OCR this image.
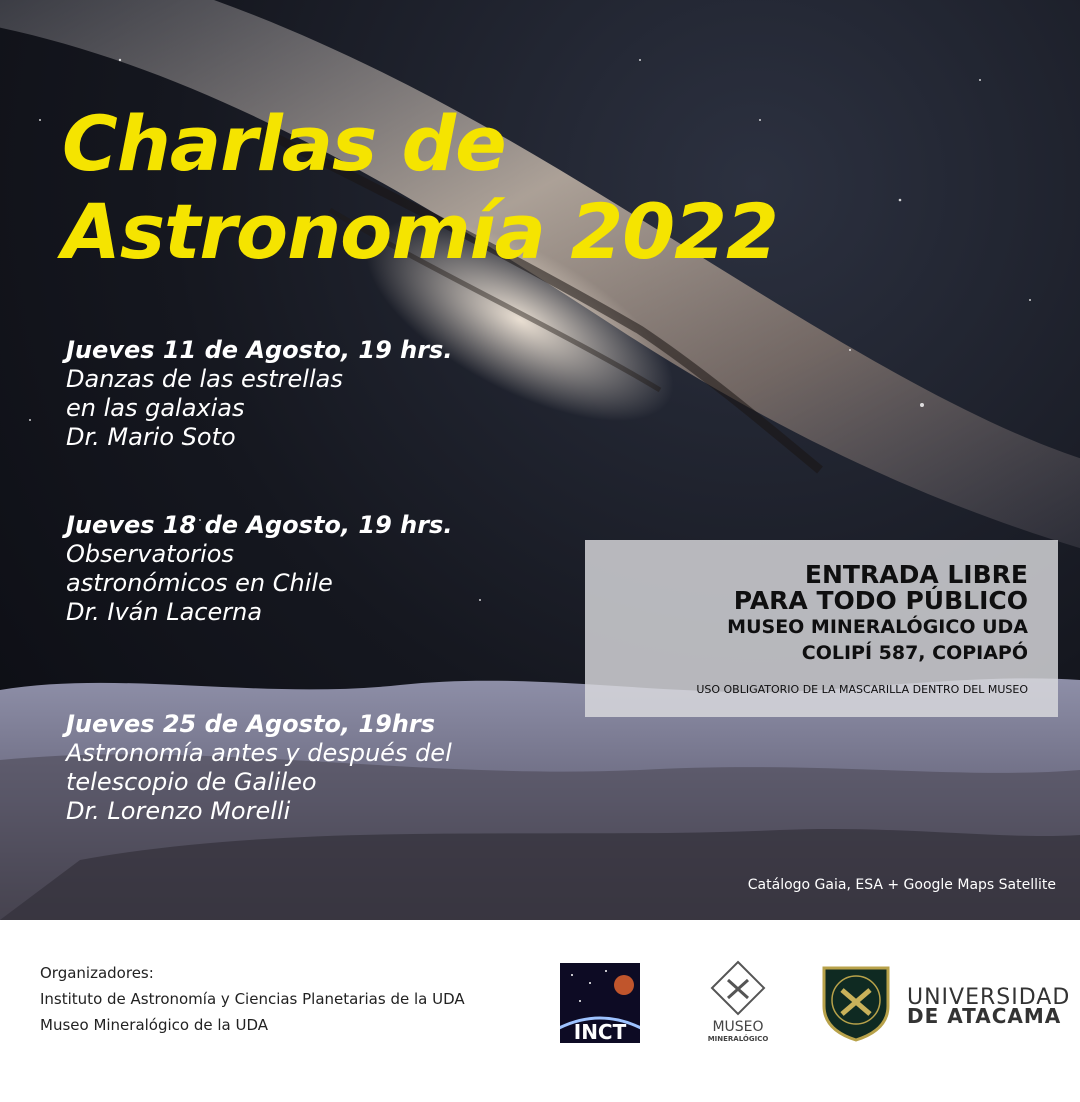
Charlas de
Astronomía 2022
Jueves 11 de Agosto, 19 hrs.
Danzas de las estrellas
en las galaxias
Dr. Mario Soto
Jueves 18 de Agosto, 19 hrs.
Observatorios
astronómicos en Chile
Dr. Iván Lacerna
Jueves 25 de Agosto, 19hrs
Astronomía antes y después del
telescopio de Galileo
Dr. Lorenzo Morelli
ENTRADA LIBRE
PARA TODO PÚBLICO
MUSEO MINERALÓGICO UDA
COLIPÍ 587, COPIAPÓ
USO OBLIGATORIO DE LA MASCARILLA DENTRO DEL MUSEO
Catálogo Gaia, ESA + Google Maps Satellite
Organizadores:
Instituto de Astronomía y Ciencias Planetarias de la UDA
Museo Mineralógico de la UDA	INCT	MUSEO
MINERALÓGICO
UNIVERSIDAD
DE ATACAMA
